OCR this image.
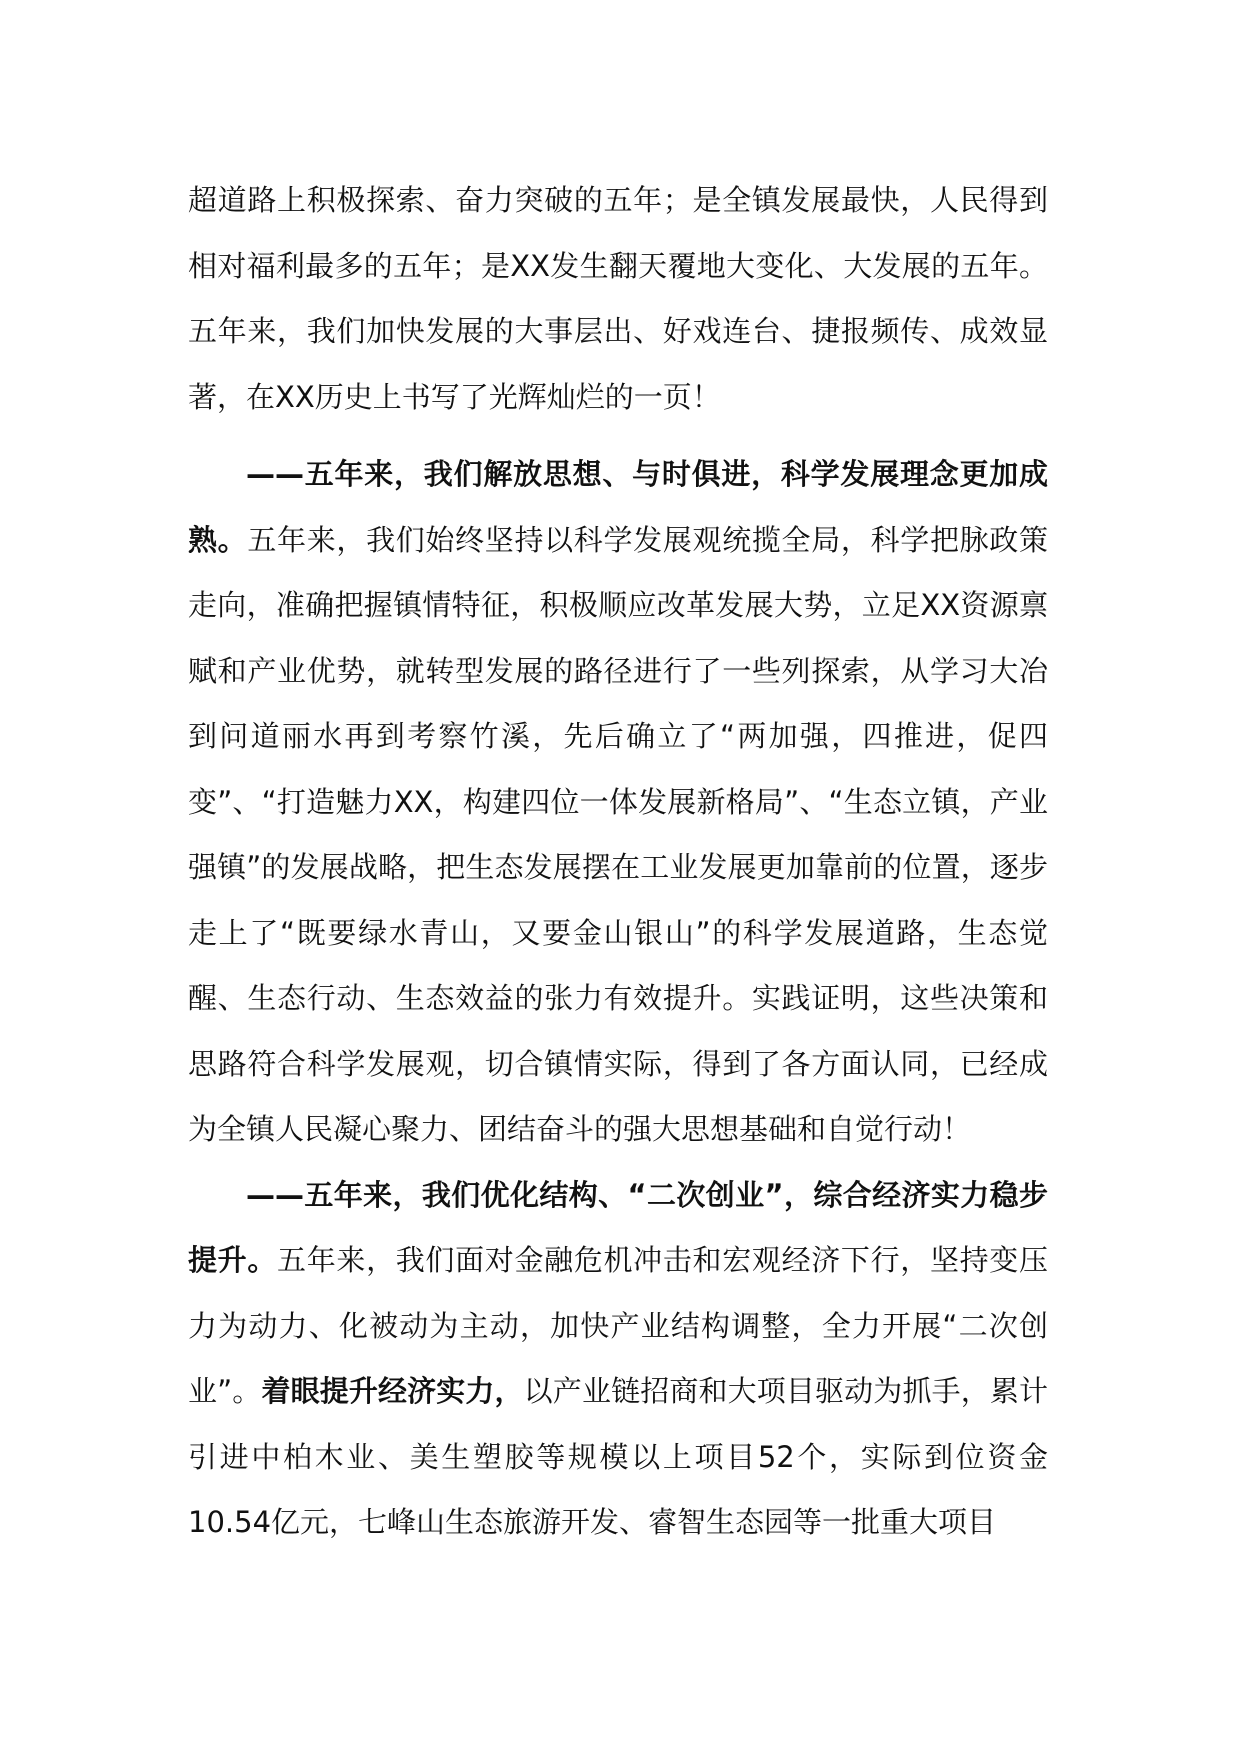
超道路上积极探索、奋力突破的五年；是全镇发展最快，人民得到相对福利最多的五年；是XX发生翻天覆地大变化、大发展的五年。五年来，我们加快发展的大事层出、好戏连台、捷报频传、成效显著，在XX历史上书写了光辉灿烂的一页！

——五年来，我们解放思想、与时俱进，科学发展理念更加成熟。五年来，我们始终坚持以科学发展观统揽全局，科学把脉政策走向，准确把握镇情特征，积极顺应改革发展大势，立足XX资源禀赋和产业优势，就转型发展的路径进行了一些列探索，从学习大冶到问道丽水再到考察竹溪，先后确立了“两加强，四推进，促四变”、“打造魅力XX，构建四位一体发展新格局”、“生态立镇，产业强镇”的发展战略，把生态发展摆在工业发展更加靠前的位置，逐步走上了“既要绿水青山，又要金山银山”的科学发展道路，生态觉醒、生态行动、生态效益的张力有效提升。实践证明，这些决策和思路符合科学发展观，切合镇情实际，得到了各方面认同，已经成为全镇人民凝心聚力、团结奋斗的强大思想基础和自觉行动！

——五年来，我们优化结构、“二次创业”，综合经济实力稳步提升。五年来，我们面对金融危机冲击和宏观经济下行，坚持变压力为动力、化被动为主动，加快产业结构调整，全力开展“二次创业”。着眼提升经济实力，以产业链招商和大项目驱动为抓手，累计引进中柏木业、美生塑胶等规模以上项目52个，实际到位资金10.54亿元，七峰山生态旅游开发、睿智生态园等一批重大项目
